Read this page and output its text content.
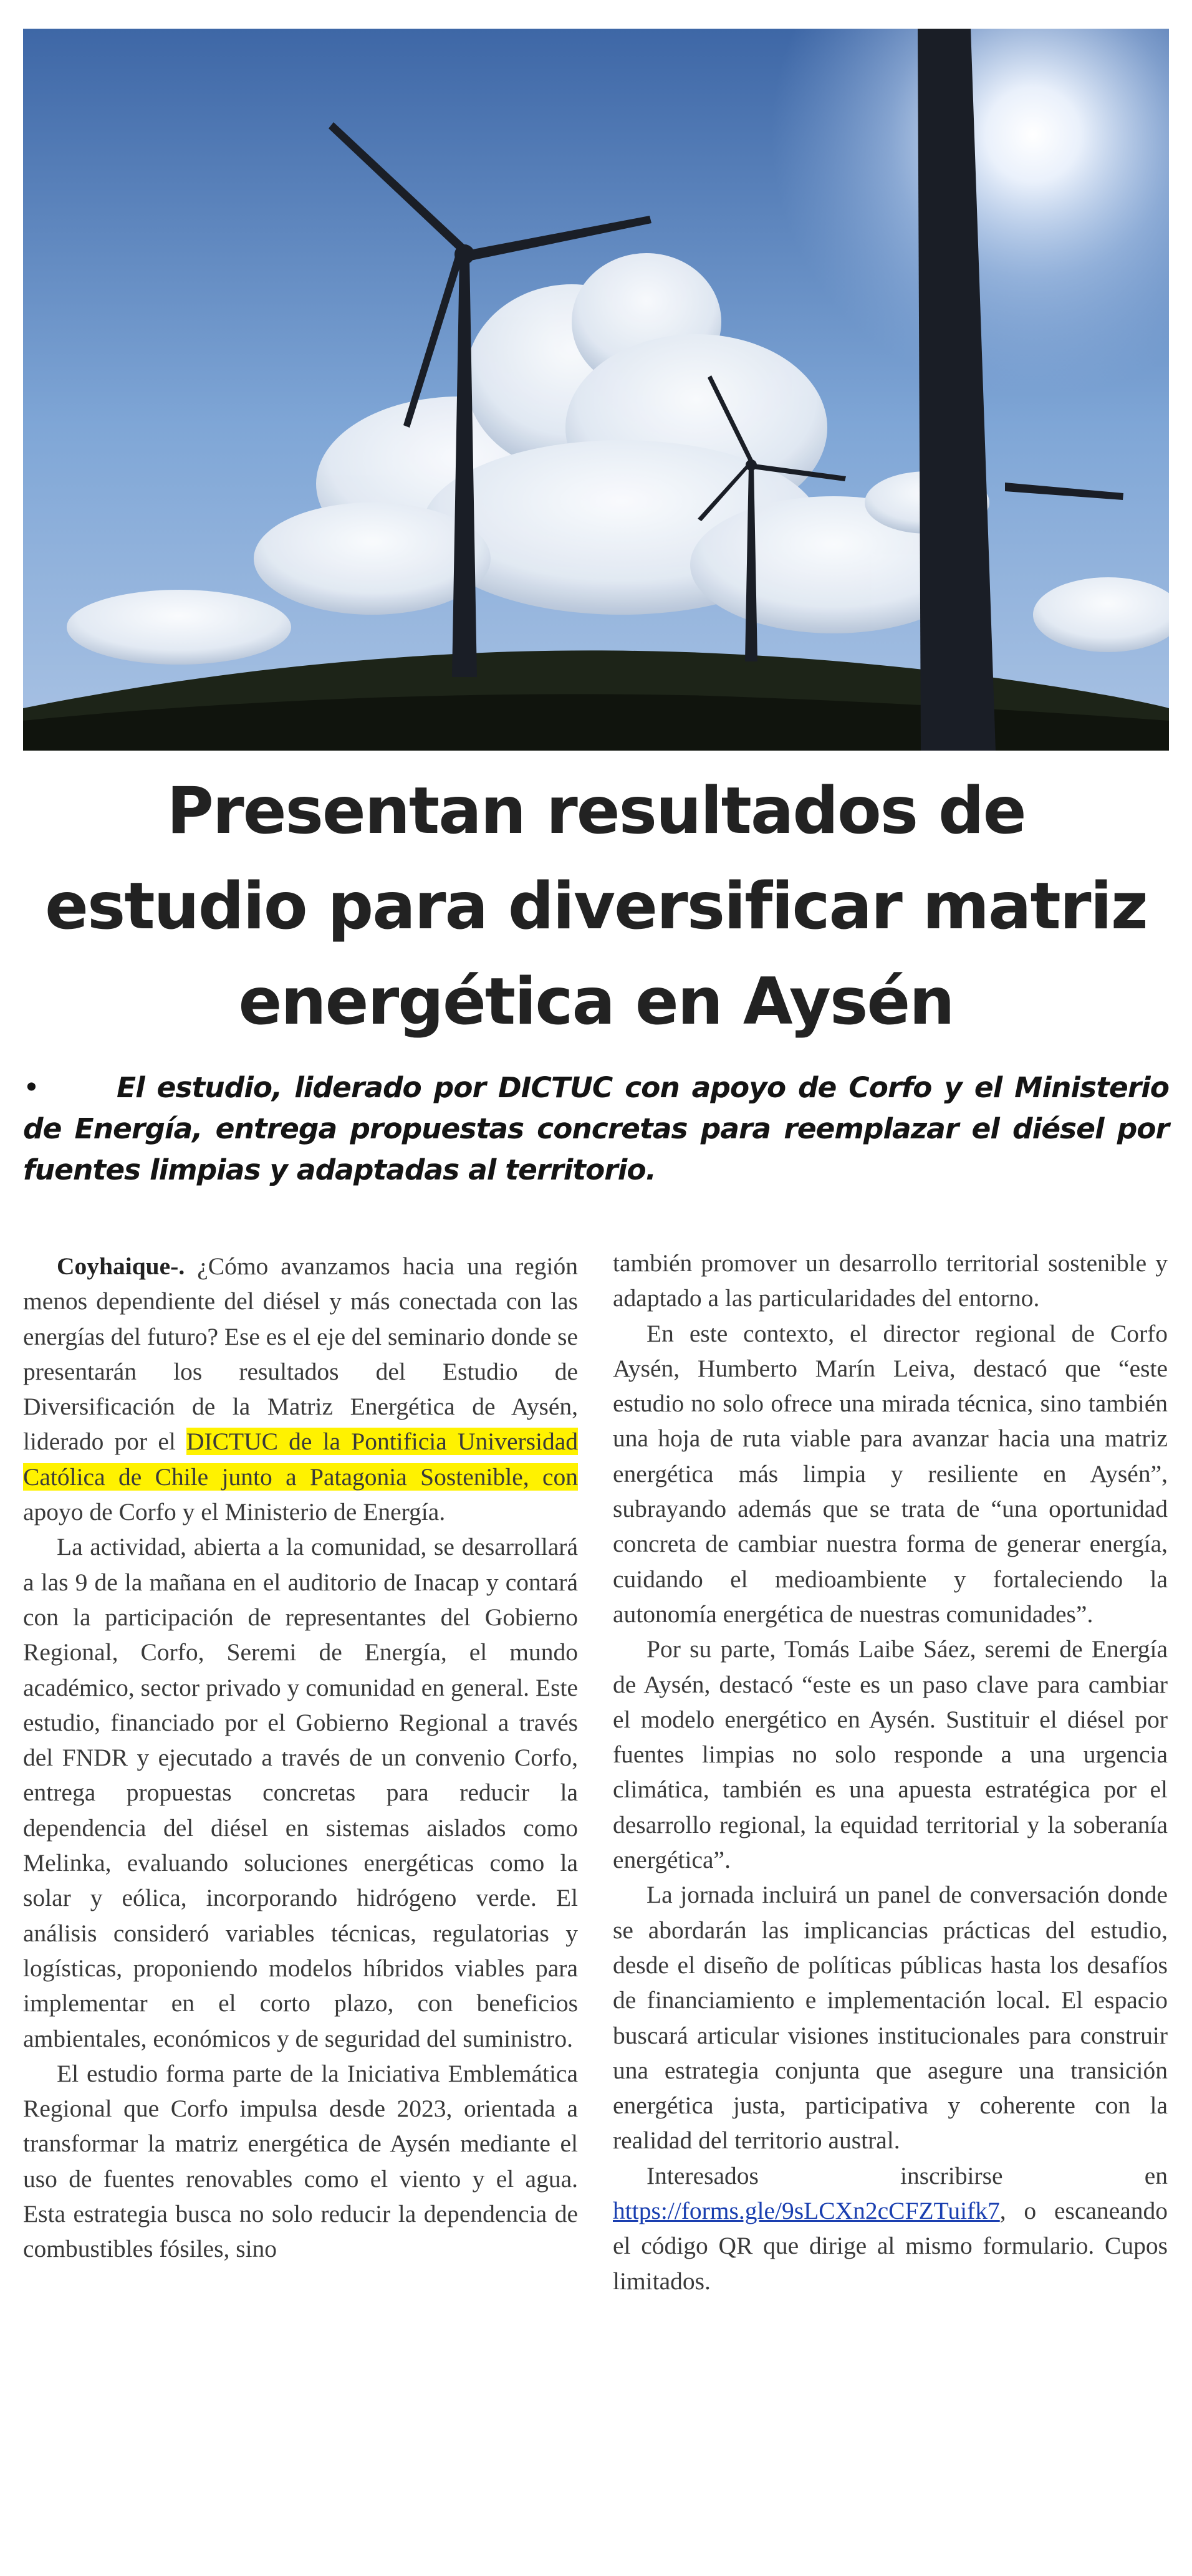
Presentan resultados de
estudio para diversificar matriz
energética en Aysén

•	El estudio, liderado por DICTUC con apoyo de Corfo y el Ministerio de Energía, entrega propuestas concretas para reemplazar el diésel por fuentes limpias y adaptadas al territorio.

Coyhaique-. ¿Cómo avanzamos hacia una región menos dependiente del diésel y más conectada con las energías del futuro? Ese es el eje del seminario donde se presentarán los resultados del Estudio de Diversificación de la Matriz Energética de Aysén, liderado por el DICTUC de la Pontificia Universidad Católica de Chile junto a Patagonia Sostenible, con apoyo de Corfo y el Ministerio de Energía.

La actividad, abierta a la comunidad, se desarrollará a las 9 de la mañana en el auditorio de Inacap y contará con la participación de representantes del Gobierno Regional, Corfo, Seremi de Energía, el mundo académico, sector privado y comunidad en general. Este estudio, financiado por el Gobierno Regional a través del FNDR y ejecutado a través de un convenio Corfo, entrega propuestas concretas para reducir la dependencia del diésel en sistemas aislados como Melinka, evaluando soluciones energéticas como la solar y eólica, incorporando hidrógeno verde. El análisis consideró variables técnicas, regulatorias y logísticas, proponiendo modelos híbridos viables para implementar en el corto plazo, con beneficios ambientales, económicos y de seguridad del suministro.

El estudio forma parte de la Iniciativa Emblemática Regional que Corfo impulsa desde 2023, orientada a transformar la matriz energética de Aysén mediante el uso de fuentes renovables como el viento y el agua. Esta estrategia busca no solo reducir la dependencia de combustibles fósiles, sino

también promover un desarrollo territorial sostenible y adaptado a las particularidades del entorno.

En este contexto, el director regional de Corfo Aysén, Humberto Marín Leiva, destacó que “este estudio no solo ofrece una mirada técnica, sino también una hoja de ruta viable para avanzar hacia una matriz energética más limpia y resiliente en Aysén”, subrayando además que se trata de “una oportunidad concreta de cambiar nuestra forma de generar energía, cuidando el medioambiente y fortaleciendo la autonomía energética de nuestras comunidades”.

Por su parte, Tomás Laibe Sáez, seremi de Energía de Aysén, destacó “este es un paso clave para cambiar el modelo energético en Aysén. Sustituir el diésel por fuentes limpias no solo responde a una urgencia climática, también es una apuesta estratégica por el desarrollo regional, la equidad territorial y la soberanía energética”.

La jornada incluirá un panel de conversación donde se abordarán las implicancias prácticas del estudio, desde el diseño de políticas públicas hasta los desafíos de financiamiento e implementación local. El espacio buscará articular visiones institucionales para construir una estrategia conjunta que asegure una transición energética justa, participativa y coherente con la realidad del territorio austral.

Interesados inscribirse en https://forms.gle/9sLCXn2cCFZTuifk7, o escaneando el código QR que dirige al mismo formulario. Cupos limitados.
